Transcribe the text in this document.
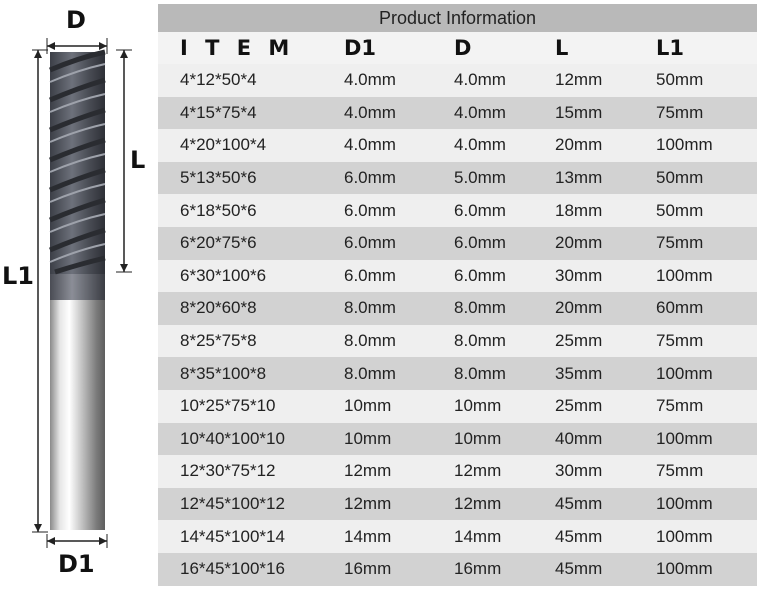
D
L
L1
D1
Product Information
I T E M	D1	D	L	L1
4*12*50*4	4.0mm	4.0mm	12mm	50mm
4*15*75*4	4.0mm	4.0mm	15mm	75mm
4*20*100*4	4.0mm	4.0mm	20mm	100mm
5*13*50*6	6.0mm	5.0mm	13mm	50mm
6*18*50*6	6.0mm	6.0mm	18mm	50mm
6*20*75*6	6.0mm	6.0mm	20mm	75mm
6*30*100*6	6.0mm	6.0mm	30mm	100mm
8*20*60*8	8.0mm	8.0mm	20mm	60mm
8*25*75*8	8.0mm	8.0mm	25mm	75mm
8*35*100*8	8.0mm	8.0mm	35mm	100mm
10*25*75*10	10mm	10mm	25mm	75mm
10*40*100*10	10mm	10mm	40mm	100mm
12*30*75*12	12mm	12mm	30mm	75mm
12*45*100*12	12mm	12mm	45mm	100mm
14*45*100*14	14mm	14mm	45mm	100mm
16*45*100*16	16mm	16mm	45mm	100mm
